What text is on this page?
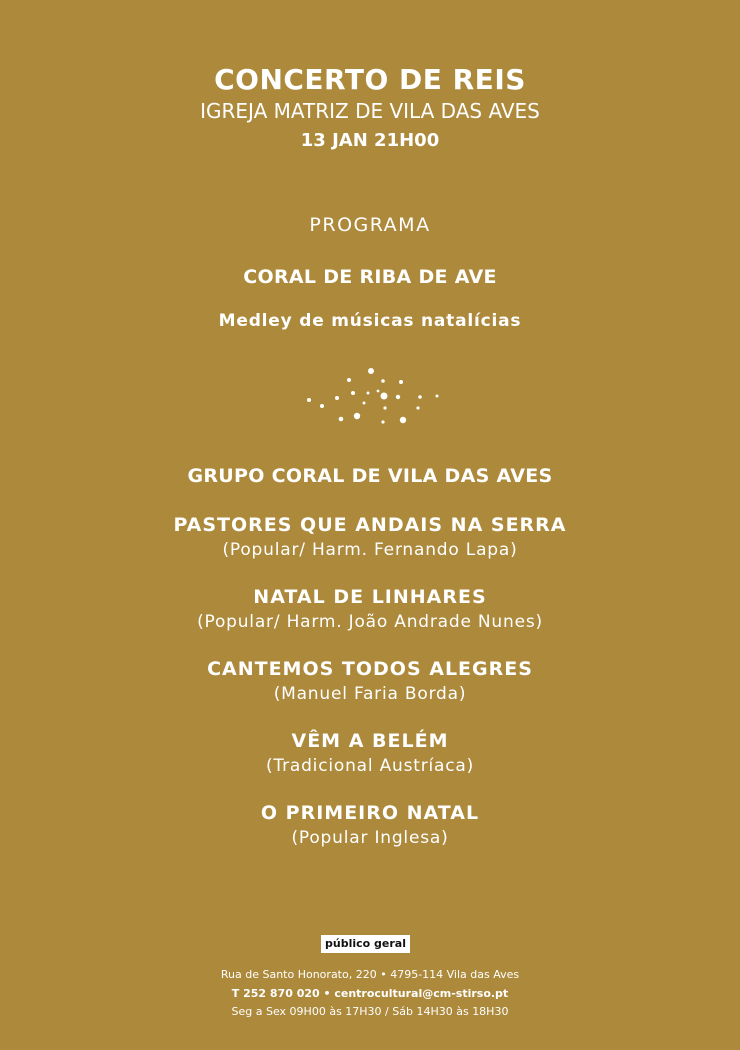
CONCERTO DE REIS
IGREJA MATRIZ DE VILA DAS AVES
13 JAN 21H00
PROGRAMA
CORAL DE RIBA DE AVE
Medley de músicas natalícias
GRUPO CORAL DE VILA DAS AVES
PASTORES QUE ANDAIS NA SERRA
(Popular/ Harm. Fernando Lapa)
NATAL DE LINHARES
(Popular/ Harm. João Andrade Nunes)
CANTEMOS TODOS ALEGRES
(Manuel Faria Borda)
VÊM A BELÉM
(Tradicional Austríaca)
O PRIMEIRO NATAL
(Popular Inglesa)
público geral
Rua de Santo Honorato, 220 • 4795-114 Vila das Aves
T 252 870 020 • centrocultural@cm-stirso.pt
Seg a Sex 09H00 às 17H30 / Sáb 14H30 às 18H30
